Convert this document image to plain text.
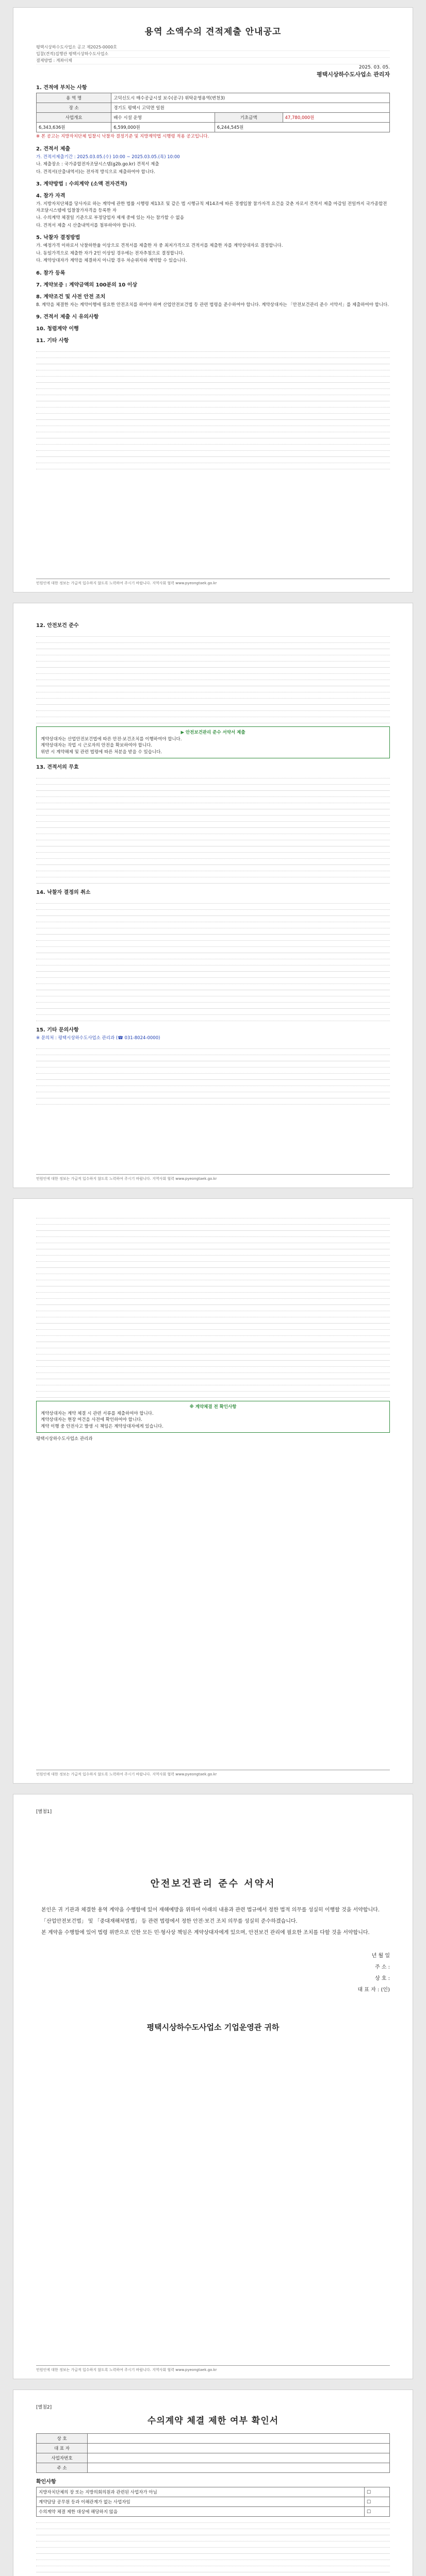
용역 소액수의 견적제출 안내공고
평택시상하수도사업소 공고 제2025-0000호
입찰(견적)집행관 평택시상하수도사업소
결제방법 : 계좌이체
2025. 03. 05.
평택시상하수도사업소 관리자
1. 견적에 부치는 사항
용 역 명	고덕신도시 매수공급시설 보수(공구) 위탁운영용역(변천3)		
장 소	경기도 평택시 고덕면 일원		
사업개요	배수 시설 운영	기초금액	47,780,000원
6,343,636원	6,599,000원	6,244,545원	

※ 본 공고는 지방자치단체 입찰시 낙찰자 결정기준 및 지방계약법 시행령 적용 공고입니다.

2. 견적서 제출

가. 견적서제출기간 : 2025.03.05.(수) 10:00 ~ 2025.03.05.(목) 10:00

나. 제출장소 : 국가종합전자조달시스템(g2b.go.kr) 견적서 제출

다. 견적서(산출내역서)는 전자적 방식으로 제출하여야 합니다.

3. 계약방법 : 수의계약 (소액 전자견적)
4. 참가 자격

가. 지방자치단체를 당사자로 하는 계약에 관한 법률 시행령 제13조 및 같은 법 시행규칙 제14조에 따른 경쟁입찰 참가자격 요건을 갖춘 자로서 견적서 제출 마감일 전일까지 국가종합전자조달시스템에 입찰참가자격을 등록한 자

나. 수의계약 체결일 기준으로 부정당업자 제재 중에 있는 자는 참가할 수 없음

다. 견적서 제출 시 산출내역서를 첨부하여야 합니다.

5. 낙찰자 결정방법

가. 예정가격 이하로서 낙찰하한율 이상으로 견적서를 제출한 자 중 최저가격으로 견적서를 제출한 자를 계약상대자로 결정합니다.

나. 동일가격으로 제출한 자가 2인 이상일 경우에는 전자추첨으로 결정합니다.

다. 계약상대자가 계약을 체결하지 아니할 경우 차순위자와 계약할 수 있습니다.

6. 참가 등록
7. 계약보증 : 계약금액의 100분의 10 이상
8. 계약조건 및 사전 안전 조치

8. 계약을 체결한 자는 계약이행에 필요한 안전조치를 하여야 하며 산업안전보건법 등 관련 법령을 준수하여야 합니다. 계약상대자는 「안전보건관리 준수 서약서」를 제출하여야 합니다.

9. 견적서 제출 시 유의사항
10. 청렴계약 이행
11. 기타 사항
민원인에 대한 정보는 가급적 입수하지 않도록 노력하여 주시기 바랍니다. 지역사회 협력 www.pyeongtaek.go.kr
12. 안전보건 준수
▶ 안전보건관리 준수 서약서 제출
계약상대자는 산업안전보건법에 따른 안전·보건조치를 이행하여야 합니다.
계약상대자는 작업 시 근로자의 안전을 확보하여야 합니다.
위반 시 계약해제 및 관련 법령에 따른 처분을 받을 수 있습니다.
13. 견적서의 무효
14. 낙찰자 결정의 취소
15. 기타 문의사항

※ 문의처 : 평택시상하수도사업소 관리과 (☎ 031-8024-0000)

민원인에 대한 정보는 가급적 입수하지 않도록 노력하여 주시기 바랍니다. 지역사회 협력 www.pyeongtaek.go.kr
※ 계약체결 전 확인사항
계약상대자는 계약 체결 시 관련 서류를 제출하여야 합니다.
계약상대자는 현장 여건을 사전에 확인하여야 합니다.
계약 이행 중 안전사고 발생 시 책임은 계약상대자에게 있습니다.

평택시상하수도사업소 관리과

민원인에 대한 정보는 가급적 입수하지 않도록 노력하여 주시기 바랍니다. 지역사회 협력 www.pyeongtaek.go.kr
[별첨1]
안전보건관리 준수 서약서

본인은 귀 기관과 체결한 용역 계약을 수행함에 있어 재해예방을 위하여 아래의 내용과 관련 법규에서 정한 법적 의무를 성실히 이행할 것을 서약합니다.

「산업안전보건법」 및 「중대재해처벌법」 등 관련 법령에서 정한 안전·보건 조치 의무를 성실히 준수하겠습니다.

본 계약을 수행함에 있어 법령 위반으로 인한 모든 민·형사상 책임은 계약상대자에게 있으며, 안전보건 관리에 필요한 조치를 다할 것을 서약합니다.

년 월 일
주 소 :
상 호 :
대 표 자 : (인)
평택시상하수도사업소 기업운영관 귀하
민원인에 대한 정보는 가급적 입수하지 않도록 노력하여 주시기 바랍니다. 지역사회 협력 www.pyeongtaek.go.kr
[별첨2]
수의계약 체결 제한 여부 확인서
상 호	
대 표 자	
사업자번호	
주 소	
확인사항
지방자치단체의 장 또는 지방의회의원과 관련된 사업자가 아님	□
계약담당 공무원 등과 이해관계가 없는 사업자임	□
수의계약 체결 제한 대상에 해당하지 않음	□
